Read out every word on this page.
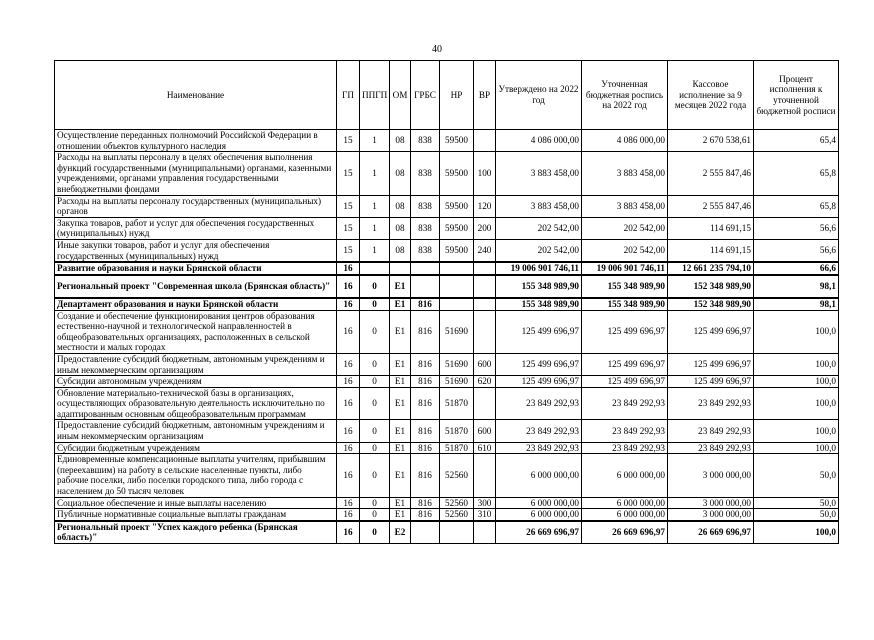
40
Наименование	ГП	ППГП	ОМ	ГРБС	НР	ВР	Утверждено на 2022 год	Уточненная бюджетная роспись на 2022 год	Кассовое исполнение за 9 месяцев 2022 года	Процент исполнения к уточненной бюджетной росписи
Осуществление переданных полномочий Российской Федерации в отношении объектов культурного наследия	15	1	08	838	59500		4 086 000,00	4 086 000,00	2 670 538,61	65,4
Расходы на выплаты персоналу в целях обеспечения выполнения функций государственными (муниципальными) органами, казенными учреждениями, органами управления государственными внебюджетными фондами	15	1	08	838	59500	100	3 883 458,00	3 883 458,00	2 555 847,46	65,8
Расходы на выплаты персоналу государственных (муниципальных) органов	15	1	08	838	59500	120	3 883 458,00	3 883 458,00	2 555 847,46	65,8
Закупка товаров, работ и услуг для обеспечения государственных (муниципальных) нужд	15	1	08	838	59500	200	202 542,00	202 542,00	114 691,15	56,6
Иные закупки товаров, работ и услуг для обеспечения государственных (муниципальных) нужд	15	1	08	838	59500	240	202 542,00	202 542,00	114 691,15	56,6
Развитие образования и науки Брянской области	16						19 006 901 746,11	19 006 901 746,11	12 661 235 794,10	66,6
Региональный проект "Современная школа (Брянская область)"	16	0	E1				155 348 989,90	155 348 989,90	152 348 989,90	98,1
Департамент образования и науки Брянской области	16	0	E1	816			155 348 989,90	155 348 989,90	152 348 989,90	98,1
Создание и обеспечение функционирования центров образования естественно-научной и технологической направленностей в общеобразовательных организациях, расположенных в сельской местности и малых городах	16	0	E1	816	51690		125 499 696,97	125 499 696,97	125 499 696,97	100,0
Предоставление субсидий бюджетным, автономным учреждениям и иным некоммерческим организациям	16	0	E1	816	51690	600	125 499 696,97	125 499 696,97	125 499 696,97	100,0
Субсидии автономным учреждениям	16	0	E1	816	51690	620	125 499 696,97	125 499 696,97	125 499 696,97	100,0
Обновление материально-технической базы в организациях, осуществляющих образовательную деятельность исключительно по адаптированным основным общеобразовательным программам	16	0	E1	816	51870		23 849 292,93	23 849 292,93	23 849 292,93	100,0
Предоставление субсидий бюджетным, автономным учреждениям и иным некоммерческим организациям	16	0	E1	816	51870	600	23 849 292,93	23 849 292,93	23 849 292,93	100,0
Субсидии бюджетным учреждениям	16	0	E1	816	51870	610	23 849 292,93	23 849 292,93	23 849 292,93	100,0
Единовременные компенсационные выплаты учителям, прибывшим (переехавшим) на работу в сельские населенные пункты, либо рабочие поселки, либо поселки городского типа, либо города с населением до 50 тысяч человек	16	0	E1	816	52560		6 000 000,00	6 000 000,00	3 000 000,00	50,0
Социальное обеспечение и иные выплаты населению	16	0	E1	816	52560	300	6 000 000,00	6 000 000,00	3 000 000,00	50,0
Публичные нормативные социальные выплаты гражданам	16	0	E1	816	52560	310	6 000 000,00	6 000 000,00	3 000 000,00	50,0
Региональный проект "Успех каждого ребенка (Брянская область)"	16	0	E2				26 669 696,97	26 669 696,97	26 669 696,97	100,0
